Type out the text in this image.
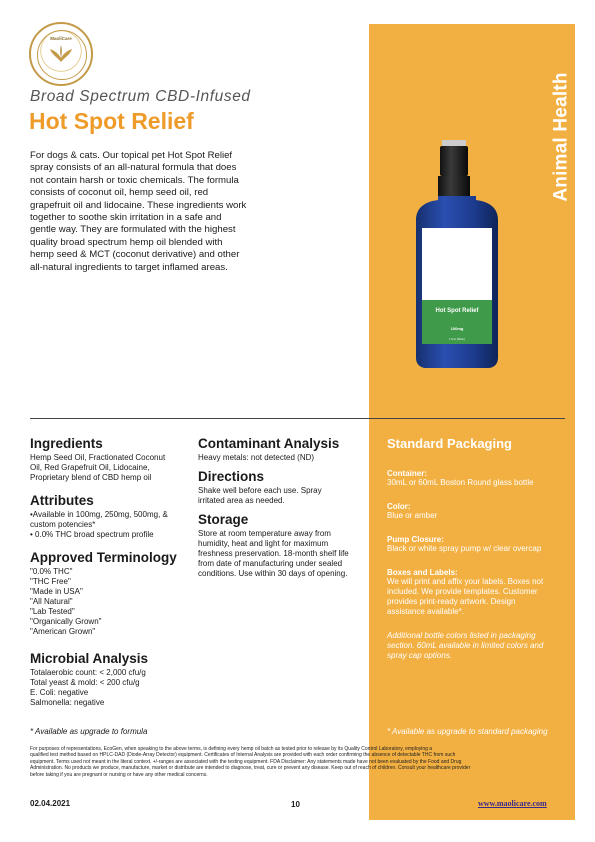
Animal Health
MaoliCare
Broad Spectrum CBD-Infused
Hot Spot Relief

For dogs & cats. Our topical pet Hot Spot Relief

spray consists of an all-natural formula that does

not contain harsh or toxic chemicals. The formula

consists of coconut oil, hemp seed oil, red

grapefruit oil and lidocaine. These ingredients work

together to soothe skin irritation in a safe and

gentle way. They are formulated with the highest

quality broad spectrum hemp oil blended with

hemp seed & MCT (coconut derivative) and other

all-natural ingredients to target inflamed areas.

Hot Spot Relief
100mg
1 fl oz (30mL)
Ingredients
Hemp Seed Oil, Fractionated Coconut
Oil, Red Grapefruit Oil, Lidocaine,
Proprietary blend of CBD hemp oil
Attributes
•Available in 100mg, 250mg, 500mg, &
custom potencies*
• 0.0% THC broad spectrum profile
Approved Terminology
"0.0% THC"
"THC Free"
"Made in USA"
"All Natural"
"Lab Tested"
"Organically Grown"
"American Grown"
Microbial Analysis
Totalaerobic count: < 2,000 cfu/g
Total yeast & mold: < 200 cfu/g
E. Coli: negative
Salmonella: negative
Contaminant Analysis
Heavy metals: not detected (ND)
Directions
Shake well before each use. Spray
irritated area as needed.
Storage
Store at room temperature away from
humidity, heat and light for maximum
freshness preservation. 18-month shelf life
from date of manufacturing under sealed
conditions. Use within 30 days of opening.
Standard Packaging

Container:

30mL or 60mL Boston Round glass bottle

Color:

Blue or amber

Pump Closure:

Black or white spray pump w/ clear overcap

Boxes and Labels:

We will print and affix your labels. Boxes not
included. We provide templates. Customer
provides print-ready artwork. Design
assistance available*.
Additional bottle colors listed in packaging
section. 60mL available in limited colors and
spray cap options.
* Available as upgrade to formula	* Available as upgrade to standard packaging
For purposes of representations, EcoGen, when speaking to the above terms, is defining every hemp oil batch as tested prior to release by its Quality Control Laboratory, employing a
qualified test method based on HPLC-DAD (Diode-Array Detector) equipment. Certificates of Internal Analysis are provided with each order confirming the absence of detectable THC from such
equipment. Terms used not meant in the literal context. +/-ranges are associated with the testing equipment. FDA Disclaimer: Any statements made have not been evaluated by the Food and Drug
Administration. No products we produce, manufacture, market or distribute are intended to diagnose, treat, cure or prevent any disease. Keep out of reach of children. Consult your healthcare provider
before taking if you are pregnant or nursing or have any other medical concerns.
02.04.2021	10	www.maolicare.com
